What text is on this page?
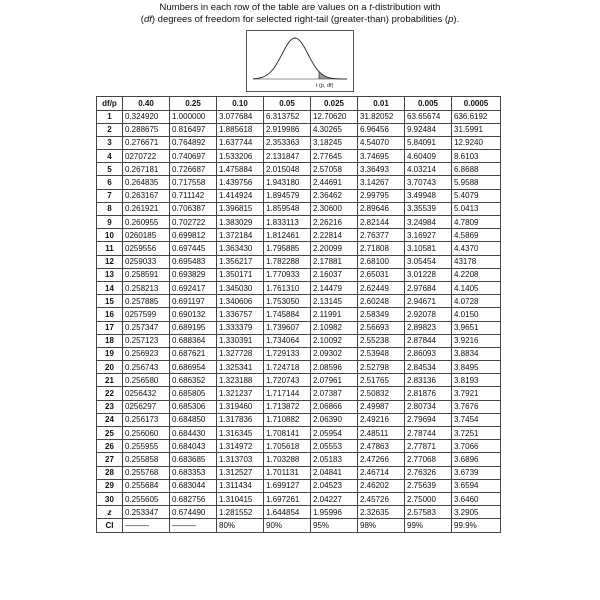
Numbers in each row of the table are values on a t-distribution with
(df) degrees of freedom for selected right-tail (greater-than) probabilities (p).
t (p, df)
df/p	0.40	0.25	0.10	0.05	0.025	0.01	0.005	0.0005
1	0.324920	1.000000	3.077684	6.313752	12.70620	31.82052	63.65674	636.6192
2	0.288675	0.816497	1.885618	2.919986	4.30265	6.96456	9.92484	31.5991
3	0.276671	0.764892	1.637744	2.353363	3.18245	4.54070	5.84091	12.9240
4	0270722	0.740697	1.533206	2.131847	2.77645	3.74695	4.60409	8.6103
5	0.267181	0.726687	1.475884	2.015048	2.57058	3.36493	4.03214	6.8688
6	0.264835	0.717558	1.439756	1.943180	2.44691	3.14267	3.70743	5.9588
7	0.263167	0.711142	1.414924	1.894579	2.36462	2.99795	3.49948	5.4079
8	0.261921	0.706387	1.396815	1.859548	2.30600	2.89646	3.35539	5.0413
9	0.260955	0.702722	1.383029	1.833113	2.26216	2.82144	3.24984	4.7809
10	0260185	0.699812	1.372184	1.812461	2.22814	2.76377	3.16927	4.5869
11	0259556	0.697445	1.363430	1.795885	2.20099	2.71808	3.10581	4.4370
12	0259033	0.695483	1.356217	1.782288	2.17881	2.68100	3.05454	43178
13	0.258591	0.693829	1.350171	1.770933	2.16037	2.65031	3.01228	4.2208
14	0.258213	0.692417	1.345030	1.761310	2.14479	2.62449	2.97684	4.1405
15	0.257885	0.691197	1.340606	1.753050	2.13145	2.60248	2.94671	4.0728
16	0257599	0.690132	1.336757	1.745884	2.11991	2.58349	2.92078	4.0150
17	0.257347	0.689195	1.333379	1.739607	2.10982	2.56693	2.89823	3.9651
18	0.257123	0.688364	1.330391	1.734064	2.10092	2.55238	2.87844	3.9216
19	0.256923	0.687621	1.327728	1.729133	2.09302	2.53948	2.86093	3.8834
20	0.256743	0.686954	1.325341	1.724718	2.08596	2.52798	2.84534	3.8495
21	0.256580	0.686352	1.323188	1.720743	2.07961	2.51765	2.83136	3.8193
22	0256432	0.685805	1.321237	1.717144	2.07387	2.50832	2.81876	3.7921
23	0256297	0.685306	1.319460	1.713872	2.06866	2.49987	2.80734	3.7676
24	0.256173	0.684850	1.317836	1.710882	2.06390	2.49216	2.79694	3.7454
25	0.256060	0.684430	1.316345	1.708141	2.05954	2.48511	2.78744	3.7251
26	0.255955	0.684043	1.314972	1.705618	2.05553	2.47863	2.77871	3.7066
27	0.255858	0.683685	1.313703	1.703288	2.05183	2.47266	2.77068	3.6896
28	0.255768	0.683353	1.312527	1.701131	2.04841	2.46714	2.76326	3.6739
29	0.255684	0.683044	1.311434	1.699127	2.04523	2.46202	2.75639	3.6594
30	0.255605	0.682756	1.310415	1.697261	2.04227	2.45726	2.75000	3.6460
z	0.253347	0.674490	1.281552	1.644854	1.95996	2.32635	2.57583	3.2905
CI	———	———	80%	90%	95%	98%	99%	99.9%
